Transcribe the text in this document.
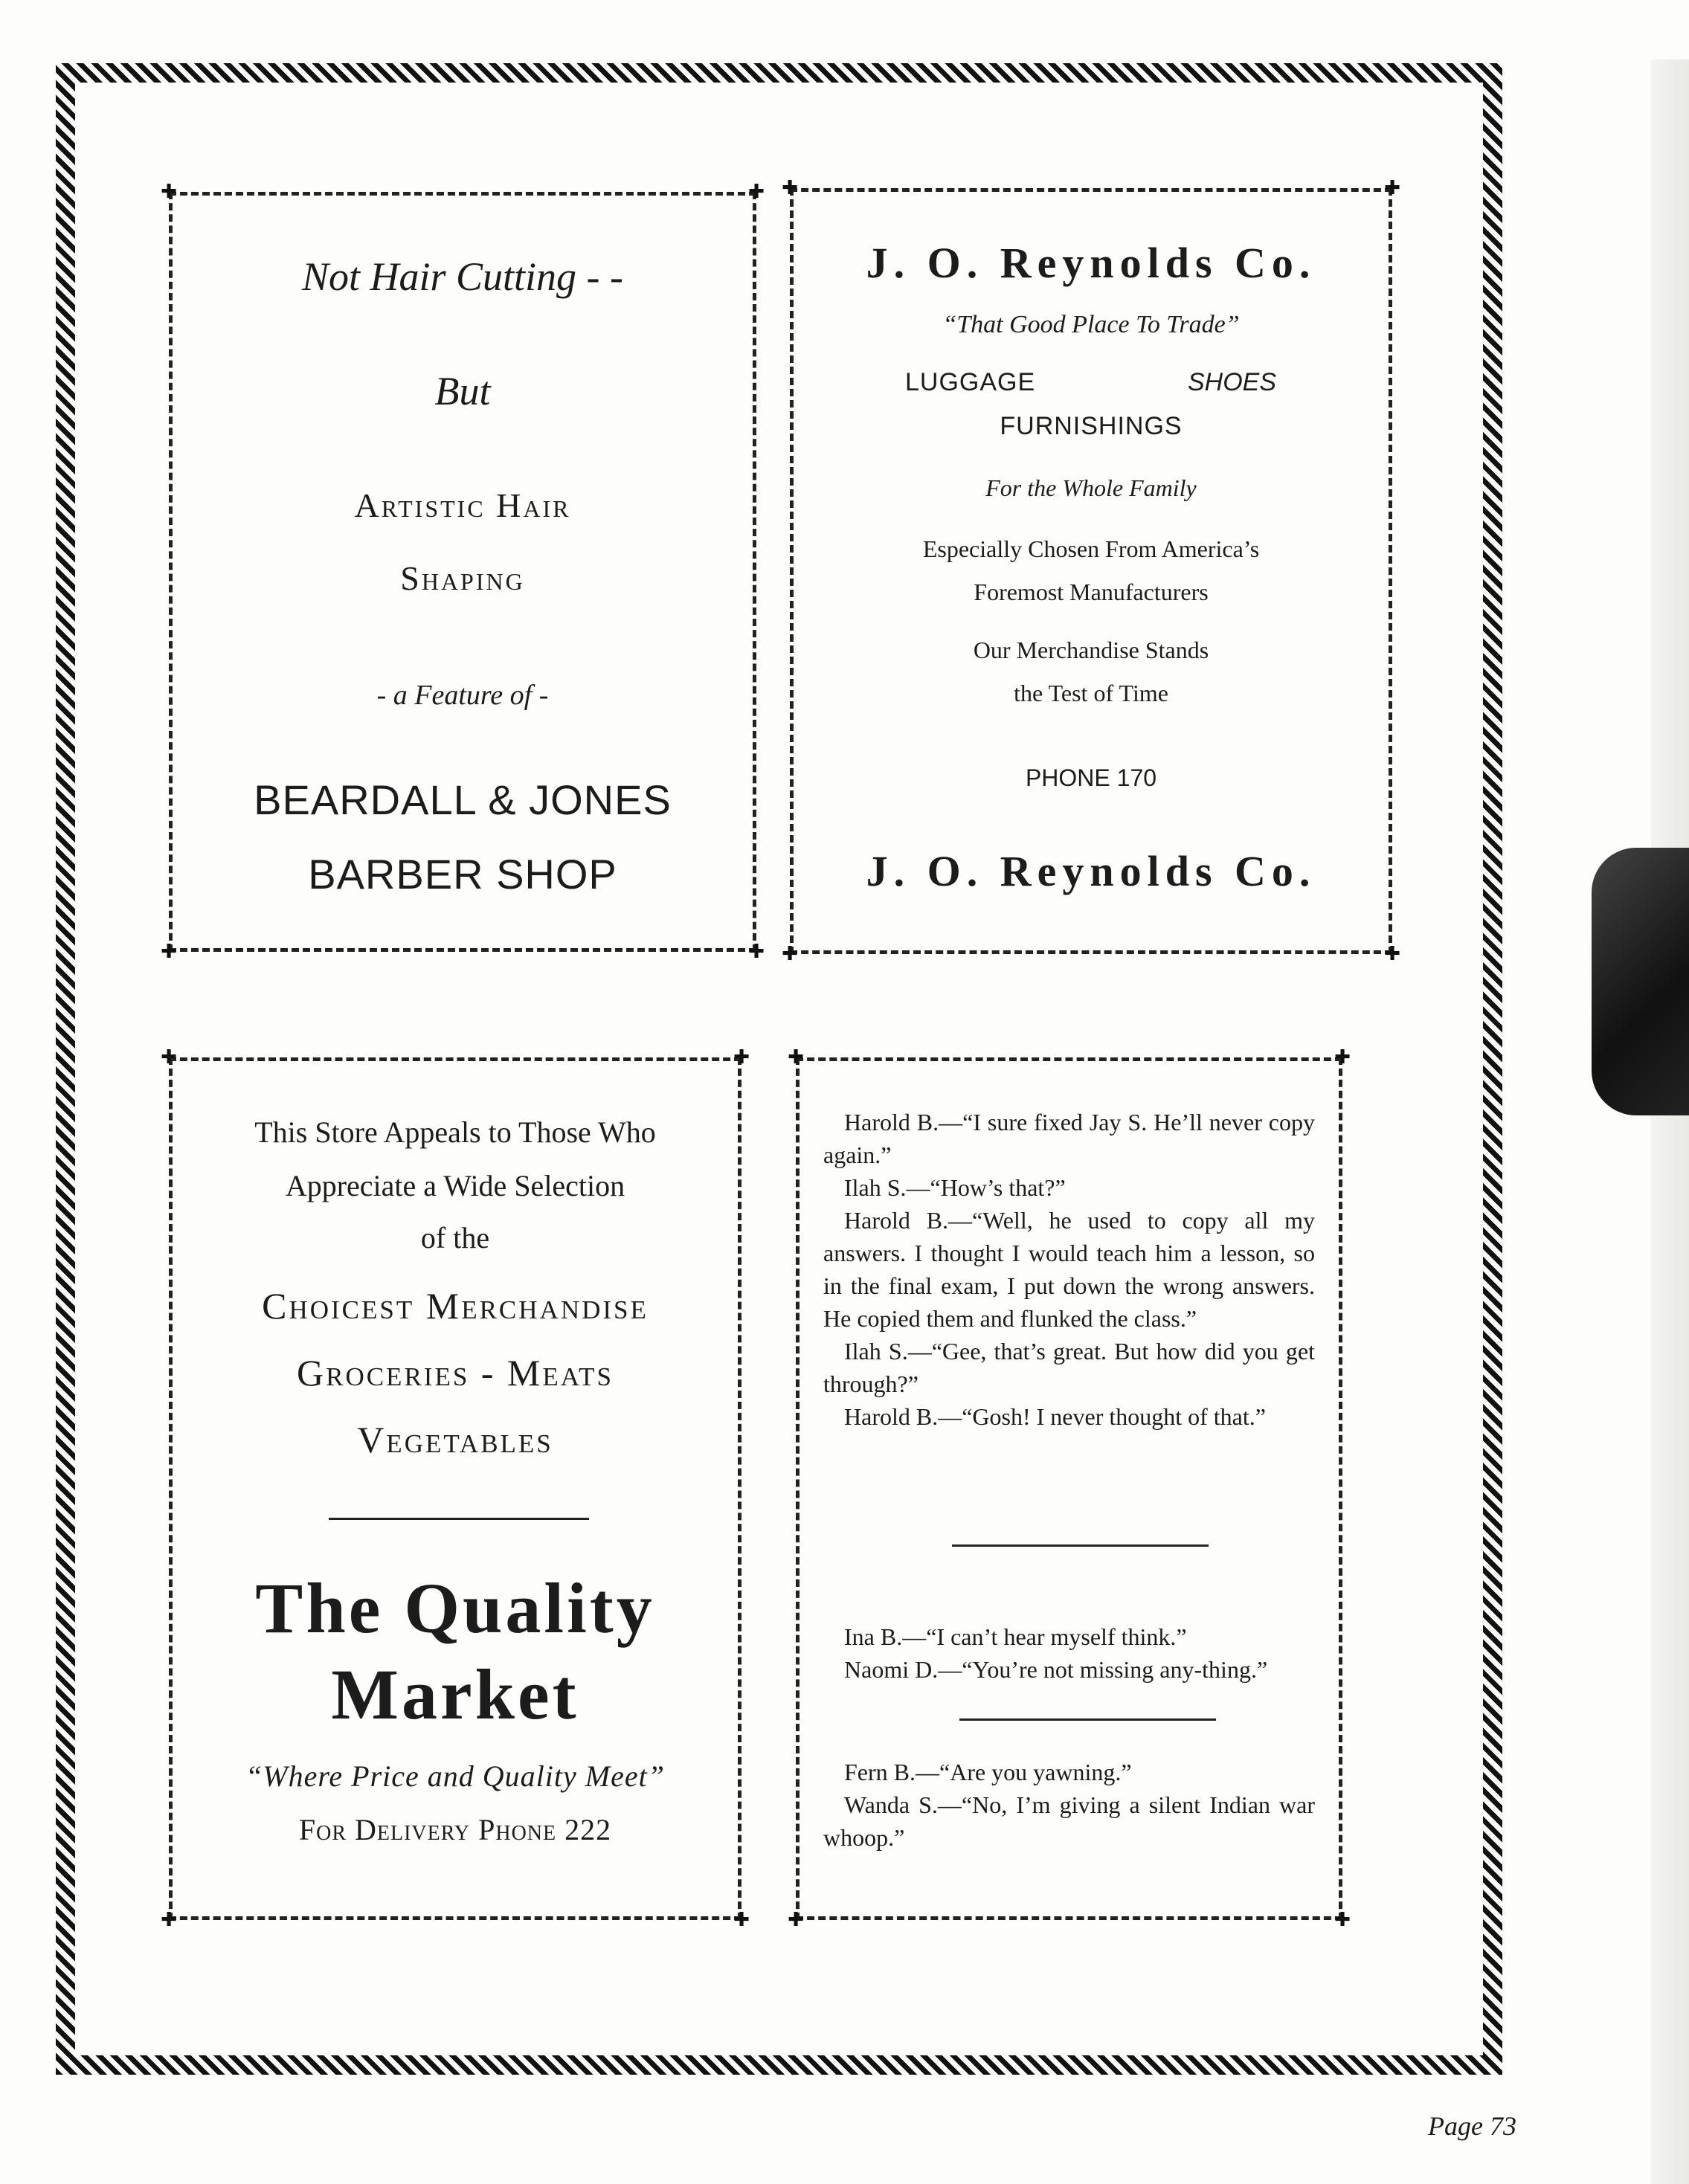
✚	✚
✚	✚
Not Hair Cutting - -
But
Artistic Hair
Shaping
- a Feature of -
BEARDALL & JONES
BARBER SHOP
✚	✚
✚	✚
J. O. Reynolds Co.
“That Good Place To Trade”
LUGGAGE	SHOES
FURNISHINGS
For the Whole Family
Especially Chosen From America’s
Foremost Manufacturers
Our Merchandise Stands
the Test of Time
PHONE 170
J. O. Reynolds Co.
✚	✚
✚	✚
This Store Appeals to Those Who
Appreciate a Wide Selection
of the
Choicest Merchandise
Groceries - Meats
Vegetables
The Quality
Market
“Where Price and Quality Meet”
For Delivery Phone 222
✚	✚
✚	✚

Harold B.—“I sure fixed Jay S. He’ll never copy again.”

Ilah S.—“How’s that?”

Harold B.—“Well, he used to copy all my answers. I thought I would teach him a lesson, so in the final exam, I put down the wrong answers. He copied them and flunked the class.”

Ilah S.—“Gee, that’s great. But how did you get through?”

Harold B.—“Gosh! I never thought of that.”

Ina B.—“I can’t hear myself think.”

Naomi D.—“You’re not missing any-thing.”

Fern B.—“Are you yawning.”

Wanda S.—“No, I’m giving a silent Indian war whoop.”

Page 73
